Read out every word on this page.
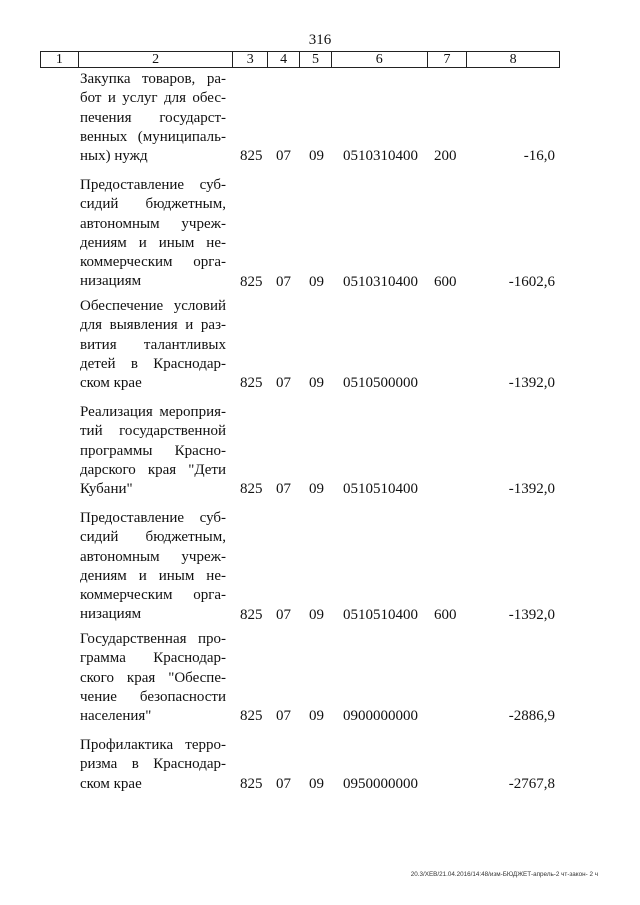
316
1	2	3	4	5	6	7	8
Закупка товаров, ра-
бот и услуг для обес-
печения государст-
венных (муниципаль-
ных) нужд	825 07 09 0510310400 200	-16,0
Предоставление суб-
сидий бюджетным,
автономным учреж-
дениям и иным не-
коммерческим орга-
низациям	825 07 09 0510310400 600	-1602,6
Обеспечение условий
для выявления и раз-
вития талантливых
детей в Краснодар-
ском крае	825 07 09 0510500000	-1392,0
Реализация мероприя-
тий государственной
программы Красно-
дарского края "Дети
Кубани"	825 07 09 0510510400	-1392,0
Предоставление суб-
сидий бюджетным,
автономным учреж-
дениям и иным не-
коммерческим орга-
низациям	825 07 09 0510510400 600	-1392,0
Государственная про-
грамма Краснодар-
ского края "Обеспе-
чение безопасности
населения"	825 07 09 0900000000	-2886,9
Профилактика терро-
ризма в Краснодар-
ском крае	825 07 09 0950000000	-2767,8
20.3/ХЕВ/21.04.2016/14:48/изм-БЮДЖЕТ-апрель-2 чт-закон- 2 ч
